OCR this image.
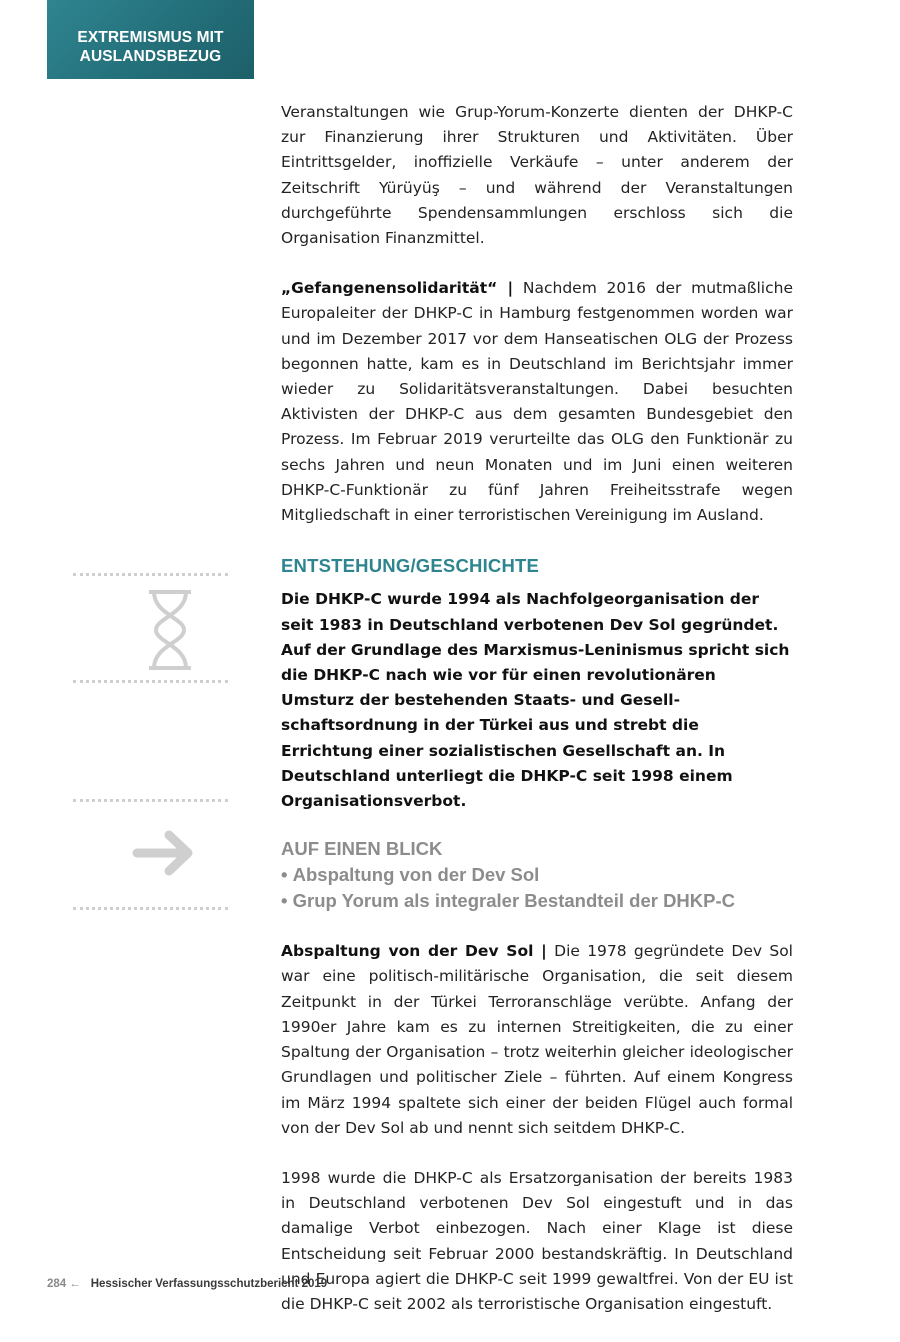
EXTREMISMUS MIT
AUSLANDSBEZUG

Veranstaltungen wie Grup-Yorum-Konzerte dienten der DHKP-C zur Finanzierung ihrer Strukturen und Aktivitäten. Über Eintrittsgelder, inoffizielle Verkäufe – unter anderem der Zeitschrift Yürüyüş – und während der Veranstaltungen durchgeführte Spendensammlungen erschloss sich die Organisation Finanzmittel.

„Gefangenensolidarität“ | Nachdem 2016 der mutmaßliche Europaleiter der DHKP-C in Hamburg festgenommen worden war und im Dezember 2017 vor dem Hanseatischen OLG der Prozess begonnen hatte, kam es in Deutschland im Berichtsjahr immer wieder zu Solidaritätsveranstaltungen. Dabei besuchten Aktivisten der DHKP-C aus dem gesamten Bundesgebiet den Prozess. Im Februar 2019 verurteilte das OLG den Funktionär zu sechs Jahren und neun Monaten und im Juni einen weiteren DHKP-C-Funktionär zu fünf Jahren Freiheitsstrafe wegen Mitgliedschaft in einer terroristischen Vereinigung im Ausland.

ENTSTEHUNG/GESCHICHTE

Die DHKP-C wurde 1994 als Nachfolgeorganisation der seit 1983 in Deutschland verbotenen Dev Sol gegründet. Auf der Grundlage des Marxismus-Leninismus spricht sich die DHKP-C nach wie vor für einen revolutionären Umsturz der bestehenden Staats- und Gesellschaftsordnung in der Türkei aus und strebt die Errichtung einer sozialistischen Gesellschaft an. In Deutschland unterliegt die DHKP-C seit 1998 einem Organisationsverbot.

AUF EINEN BLICK
• Abspaltung von der Dev Sol
• Grup Yorum als integraler Bestandteil der DHKP-C

Abspaltung von der Dev Sol | Die 1978 gegründete Dev Sol war eine politisch-militärische Organisation, die seit diesem Zeitpunkt in der Türkei Terroranschläge verübte. Anfang der 1990er Jahre kam es zu internen Streitigkeiten, die zu einer Spaltung der Organisation – trotz weiterhin gleicher ideologischer Grundlagen und politischer Ziele – führten. Auf einem Kongress im März 1994 spaltete sich einer der beiden Flügel auch formal von der Dev Sol ab und nennt sich seitdem DHKP-C.

1998 wurde die DHKP-C als Ersatzorganisation der bereits 1983 in Deutschland verbotenen Dev Sol eingestuft und in das damalige Verbot einbezogen. Nach einer Klage ist diese Entscheidung seit Februar 2000 bestandskräftig. In Deutschland und Europa agiert die DHKP-C seit 1999 gewaltfrei. Von der EU ist die DHKP-C seit 2002 als terroristische Organisation eingestuft.

284 ← Hessischer Verfassungsschutzbericht 2019
